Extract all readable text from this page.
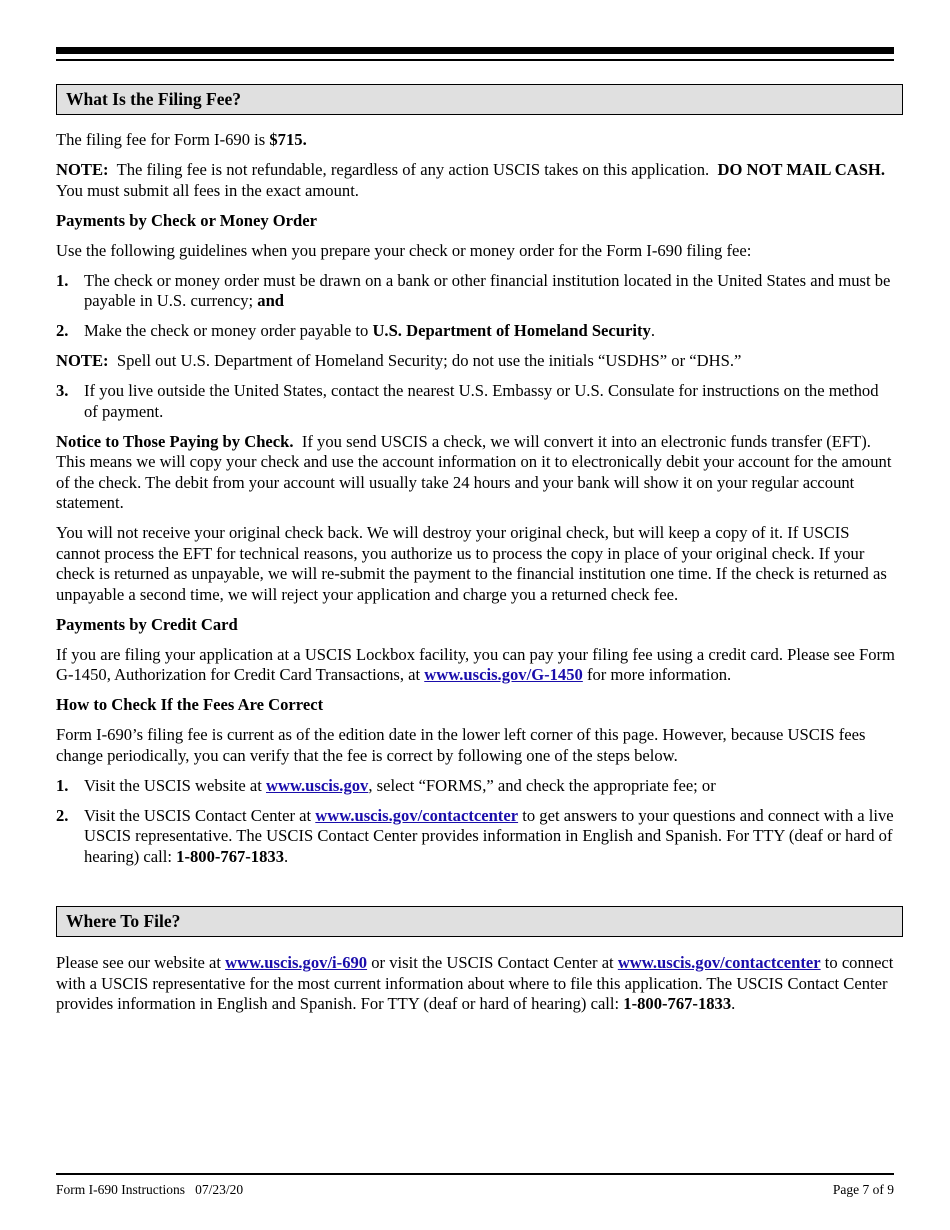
What Is the Filing Fee?

The filing fee for Form I-690 is $715.

NOTE: The filing fee is not refundable, regardless of any action USCIS takes on this application. DO NOT MAIL CASH.  You must submit all fees in the exact amount.

Payments by Check or Money Order

Use the following guidelines when you prepare your check or money order for the Form I-690 filing fee:

1. The check or money order must be drawn on a bank or other financial institution located in the United States and must be payable in U.S. currency; and
2. Make the check or money order payable to U.S. Department of Homeland Security.

NOTE: Spell out U.S. Department of Homeland Security; do not use the initials “USDHS” or “DHS.”

3. If you live outside the United States, contact the nearest U.S. Embassy or U.S. Consulate for instructions on the method of payment.

Notice to Those Paying by Check. If you send USCIS a check, we will convert it into an electronic funds transfer (EFT). This means we will copy your check and use the account information on it to electronically debit your account for the amount of the check. The debit from your account will usually take 24 hours and your bank will show it on your regular account statement.

You will not receive your original check back. We will destroy your original check, but will keep a copy of it. If USCIS cannot process the EFT for technical reasons, you authorize us to process the copy in place of your original check. If your check is returned as unpayable, we will re-submit the payment to the financial institution one time. If the check is returned as unpayable a second time, we will reject your application and charge you a returned check fee.

Payments by Credit Card

If you are filing your application at a USCIS Lockbox facility, you can pay your filing fee using a credit card. Please see Form G-1450, Authorization for Credit Card Transactions, at www.uscis.gov/G-1450 for more information.

How to Check If the Fees Are Correct

Form I-690’s filing fee is current as of the edition date in the lower left corner of this page. However, because USCIS fees change periodically, you can verify that the fee is correct by following one of the steps below.

1. Visit the USCIS website at www.uscis.gov, select “FORMS,” and check the appropriate fee; or
2. Visit the USCIS Contact Center at www.uscis.gov/contactcenter to get answers to your questions and connect with a live USCIS representative. The USCIS Contact Center provides information in English and Spanish. For TTY (deaf or hard of hearing) call: 1-800-767-1833.
Where To File?

Please see our website at www.uscis.gov/i-690 or visit the USCIS Contact Center at www.uscis.gov/contactcenter to connect with a USCIS representative for the most current information about where to file this application. The USCIS Contact Center provides information in English and Spanish. For TTY (deaf or hard of hearing) call: 1-800-767-1833.

Form I-690 Instructions 07/23/20	Page 7 of 9
